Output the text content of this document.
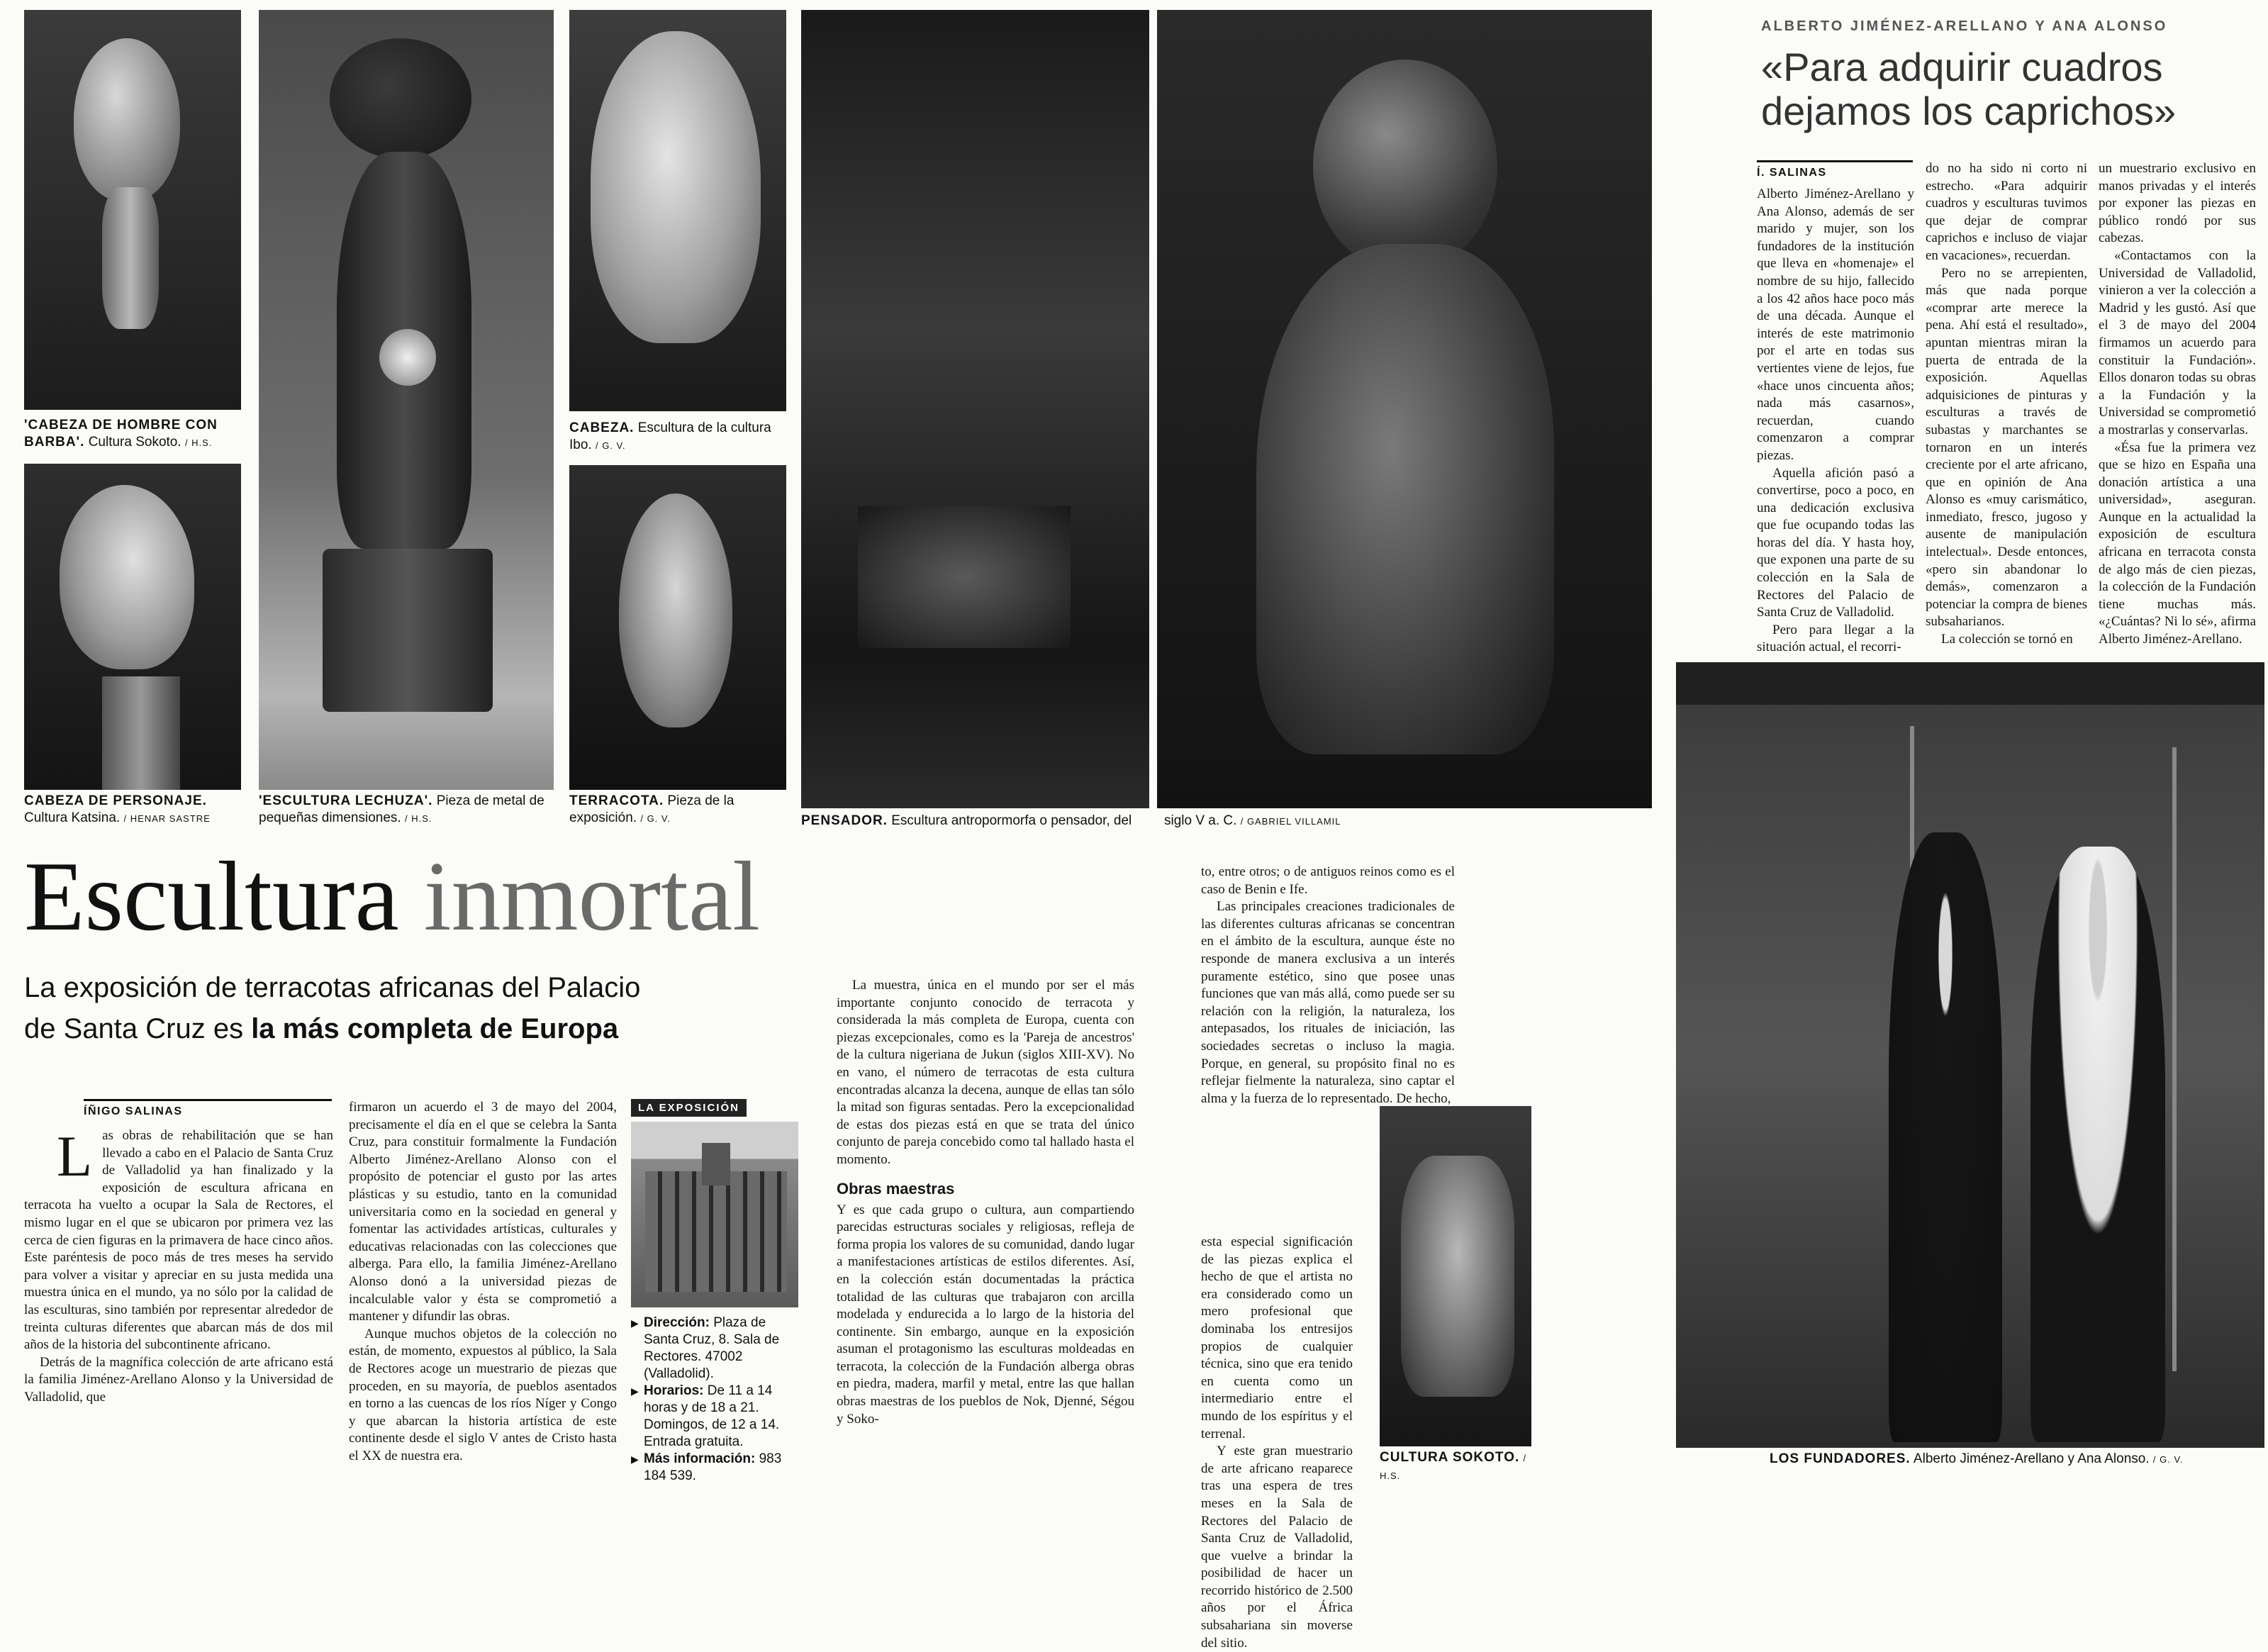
'CABEZA DE HOMBRE CON BARBA'. Cultura Sokoto. / H.S.
CABEZA DE PERSONAJE.
Cultura Katsina. / HENAR SASTRE
'ESCULTURA LECHUZA'. Pieza de metal de pequeñas dimensiones. / H.S.
CABEZA. Escultura de la cultura Ibo. / G. V.
TERRACOTA. Pieza de la exposición. / G. V.	PENSADOR. Escultura antropormorfa o pensador, del siglo V a. C. / GABRIEL VILLAMIL
Escultura inmortal
La exposición de terracotas africanas del Palacio
de Santa Cruz es la más completa de Europa
ÍÑIGO SALINAS
L as obras de rehabilitación que se han llevado a cabo en el Palacio de Santa Cruz de Valladolid ya han finalizado y la exposición de escultura africana en terracota ha vuelto a ocupar la Sala de Rectores, el mismo lugar en el que se ubicaron por primera vez las cerca de cien figuras en la primavera de hace cinco años. Este paréntesis de poco más de tres meses ha servido para volver a visitar y apreciar en su justa medida una muestra única en el mundo, ya no sólo por la calidad de las esculturas, sino también por representar alrededor de treinta culturas diferentes que abarcan más de dos mil años de la historia del subcontinente africano.

Detrás de la magnífica colección de arte africano está la familia Jiménez-Arellano Alonso y la Universidad de Valladolid, que

firmaron un acuerdo el 3 de mayo del 2004, precisamente el día en el que se celebra la Santa Cruz, para constituir formalmente la Fundación Alberto Jiménez-Arellano Alonso con el propósito de potenciar el gusto por las artes plásticas y su estudio, tanto en la comunidad universitaria como en la sociedad en general y fomentar las actividades artísticas, culturales y educativas relacionadas con las colecciones que alberga. Para ello, la familia Jiménez-Arellano Alonso donó a la universidad piezas de incalculable valor y ésta se comprometió a mantener y difundir las obras.

Aunque muchos objetos de la colección no están, de momento, expuestos al público, la Sala de Rectores acoge un muestrario de piezas que proceden, en su mayoría, de pueblos asentados en torno a las cuencas de los ríos Níger y Congo y que abarcan la historia artística de este continente desde el siglo V antes de Cristo hasta el XX de nuestra era.

LA EXPOSICIÓN
▶ Dirección: Plaza de Santa Cruz, 8. Sala de Rectores. 47002 (Valladolid).
▶ Horarios: De 11 a 14 horas y de 18 a 21. Domingos, de 12 a 14. Entrada gratuita.
▶ Más información: 983 184 539.

La muestra, única en el mundo por ser el más importante conjunto conocido de terracota y considerada la más completa de Europa, cuenta con piezas excepcionales, como es la 'Pareja de ancestros' de la cultura nigeriana de Jukun (siglos XIII-XV). No en vano, el número de terracotas de esta cultura encontradas alcanza la decena, aunque de ellas tan sólo la mitad son figuras sentadas. Pero la excepcionalidad de estas dos piezas está en que se trata del único conjunto de pareja concebido como tal hallado hasta el momento.

Obras maestras

Y es que cada grupo o cultura, aun compartiendo parecidas estructuras sociales y religiosas, refleja de forma propia los valores de su comunidad, dando lugar a manifestaciones artísticas de estilos diferentes. Así, en la colección están documentadas la práctica totalidad de las culturas que trabajaron con arcilla modelada y endurecida a lo largo de la historia del continente. Sin embargo, aunque en la exposición asuman el protagonismo las esculturas moldeadas en terracota, la colección de la Fundación alberga obras en piedra, madera, marfil y metal, entre las que hallan obras maestras de los pueblos de Nok, Djenné, Ségou y Soko-

to, entre otros; o de antiguos reinos como es el caso de Benin e Ife.

Las principales creaciones tradicionales de las diferentes culturas africanas se concentran en el ámbito de la escultura, aunque éste no responde de manera exclusiva a un interés puramente estético, sino que posee unas funciones que van más allá, como puede ser su relación con la religión, la naturaleza, los antepasados, los rituales de iniciación, las sociedades secretas o incluso la magia. Porque, en general, su propósito final no es reflejar fielmente la naturaleza, sino captar el alma y la fuerza de lo representado. De hecho,

esta especial significación de las piezas explica el hecho de que el artista no era considerado como un mero profesional que dominaba los entresijos propios de cualquier técnica, sino que era tenido en cuenta como un intermediario entre el mundo de los espíritus y el terrenal.

Y este gran muestrario de arte africano reaparece tras una espera de tres meses en la Sala de Rectores del Palacio de Santa Cruz de Valladolid, que vuelve a brindar la posibilidad de hacer un recorrido histórico de 2.500 años por el África subsahariana sin moverse del sitio.

CULTURA SOKOTO. / H.S.
ALBERTO JIMÉNEZ-ARELLANO Y ANA ALONSO
«Para adquirir cuadros
dejamos los caprichos»
Í. SALINAS

Alberto Jiménez-Arellano y Ana Alonso, además de ser marido y mujer, son los fundadores de la institución que lleva en «homenaje» el nombre de su hijo, fallecido a los 42 años hace poco más de una década. Aunque el interés de este matrimonio por el arte en todas sus vertientes viene de lejos, fue «hace unos cincuenta años; nada más casarnos», recuerdan, cuando comenzaron a comprar piezas.

Aquella afición pasó a convertirse, poco a poco, en una dedicación exclusiva que fue ocupando todas las horas del día. Y hasta hoy, que exponen una parte de su colección en la Sala de Rectores del Palacio de Santa Cruz de Valladolid.

Pero para llegar a la situación actual, el recorri-

do no ha sido ni corto ni estrecho. «Para adquirir cuadros y esculturas tuvimos que dejar de comprar caprichos e incluso de viajar en vacaciones», recuerdan.

Pero no se arrepienten, más que nada porque «comprar arte merece la pena. Ahí está el resultado», apuntan mientras miran la puerta de entrada de la exposición. Aquellas adquisiciones de pinturas y esculturas a través de subastas y marchantes se tornaron en un interés creciente por el arte africano, que en opinión de Ana Alonso es «muy carismático, inmediato, fresco, jugoso y ausente de manipulación intelectual». Desde entonces, «pero sin abandonar lo demás», comenzaron a potenciar la compra de bienes subsaharianos.

La colección se tornó en

un muestrario exclusivo en manos privadas y el interés por exponer las piezas en público rondó por sus cabezas.

«Contactamos con la Universidad de Valladolid, vinieron a ver la colección a Madrid y les gustó. Así que el 3 de mayo del 2004 firmamos un acuerdo para constituir la Fundación». Ellos donaron todas su obras a la Fundación y la Universidad se comprometió a mostrarlas y conservarlas.

«Ésa fue la primera vez que se hizo en España una donación artística a una universidad», aseguran. Aunque en la actualidad la exposición de escultura africana en terracota consta de algo más de cien piezas, la colección de la Fundación tiene muchas más. «¿Cuántas? Ni lo sé», afirma Alberto Jiménez-Arellano.

LOS FUNDADORES. Alberto Jiménez-Arellano y Ana Alonso. / G. V.
